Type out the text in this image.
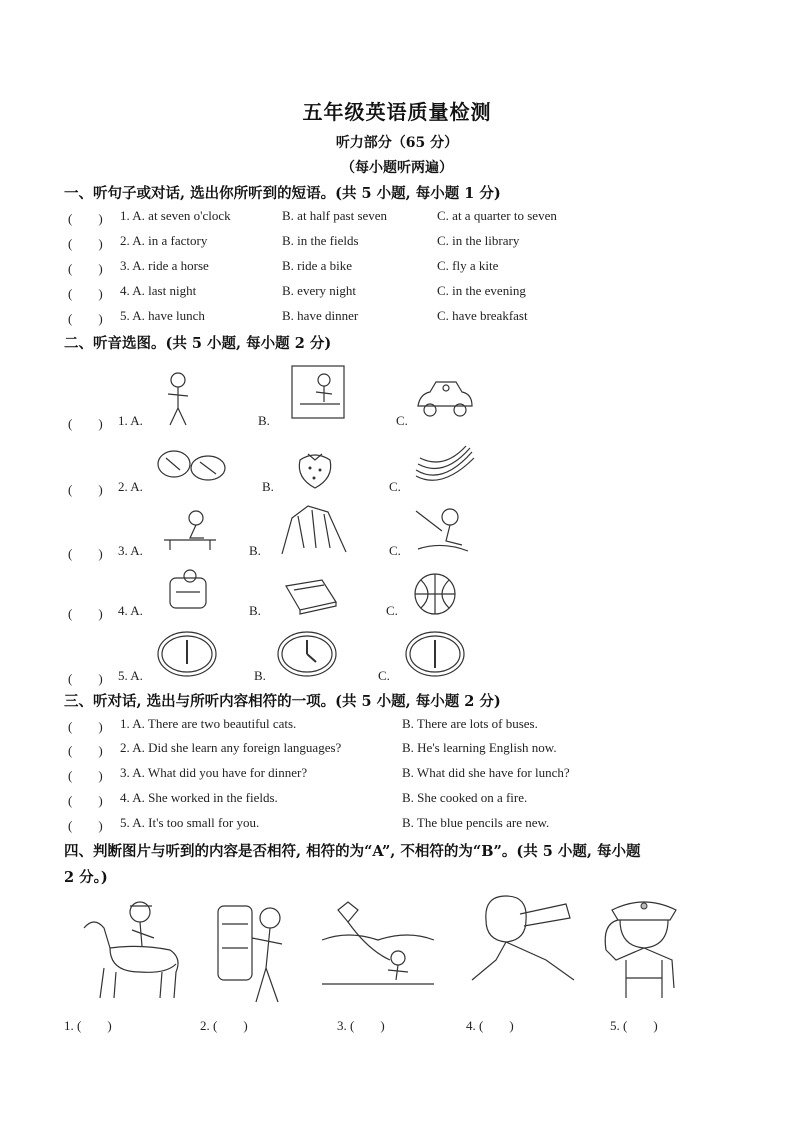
五年级英语质量检测
听力部分（65 分）
（每小题听两遍）
一、听句子或对话, 选出你所听到的短语。(共 5 小题, 每小题 1 分)
(　　) 1. A. at seven o'clock	B. at half past seven	C. at a quarter to seven
(　　) 2. A. in a factory	B. in the fields	C. in the library
(　　) 3. A. ride a horse	B. ride a bike	C. fly a kite
(　　) 4. A. last night	B. every night	C. in the evening
(　　) 5. A. have lunch	B. have dinner	C. have breakfast
二、听音选图。(共 5 小题, 每小题 2 分)
(　　) 1. A.	B.	C.
(　　) 2. A.	B.	C.
(　　) 3. A.	B.	C.
(　　) 4. A.	B.	C.
(　　) 5. A.	B.	C.
三、听对话, 选出与所听内容相符的一项。(共 5 小题, 每小题 2 分)
(　　) 1. A. There are two beautiful cats.	B. There are lots of buses.
(　　) 2. A. Did she learn any foreign languages?	B. He's learning English now.
(　　) 3. A. What did you have for dinner?	B. What did she have for lunch?
(　　) 4. A. She worked in the fields.	B. She cooked on a fire.
(　　) 5. A. It's too small for you.	B. The blue pencils are new.
四、判断图片与听到的内容是否相符, 相符的为“A”, 不相符的为“B”。(共 5 小题, 每小题
2 分。)
1. (　　)	2. (　　)	3. (　　)	4. (　　)	5. (　　)
